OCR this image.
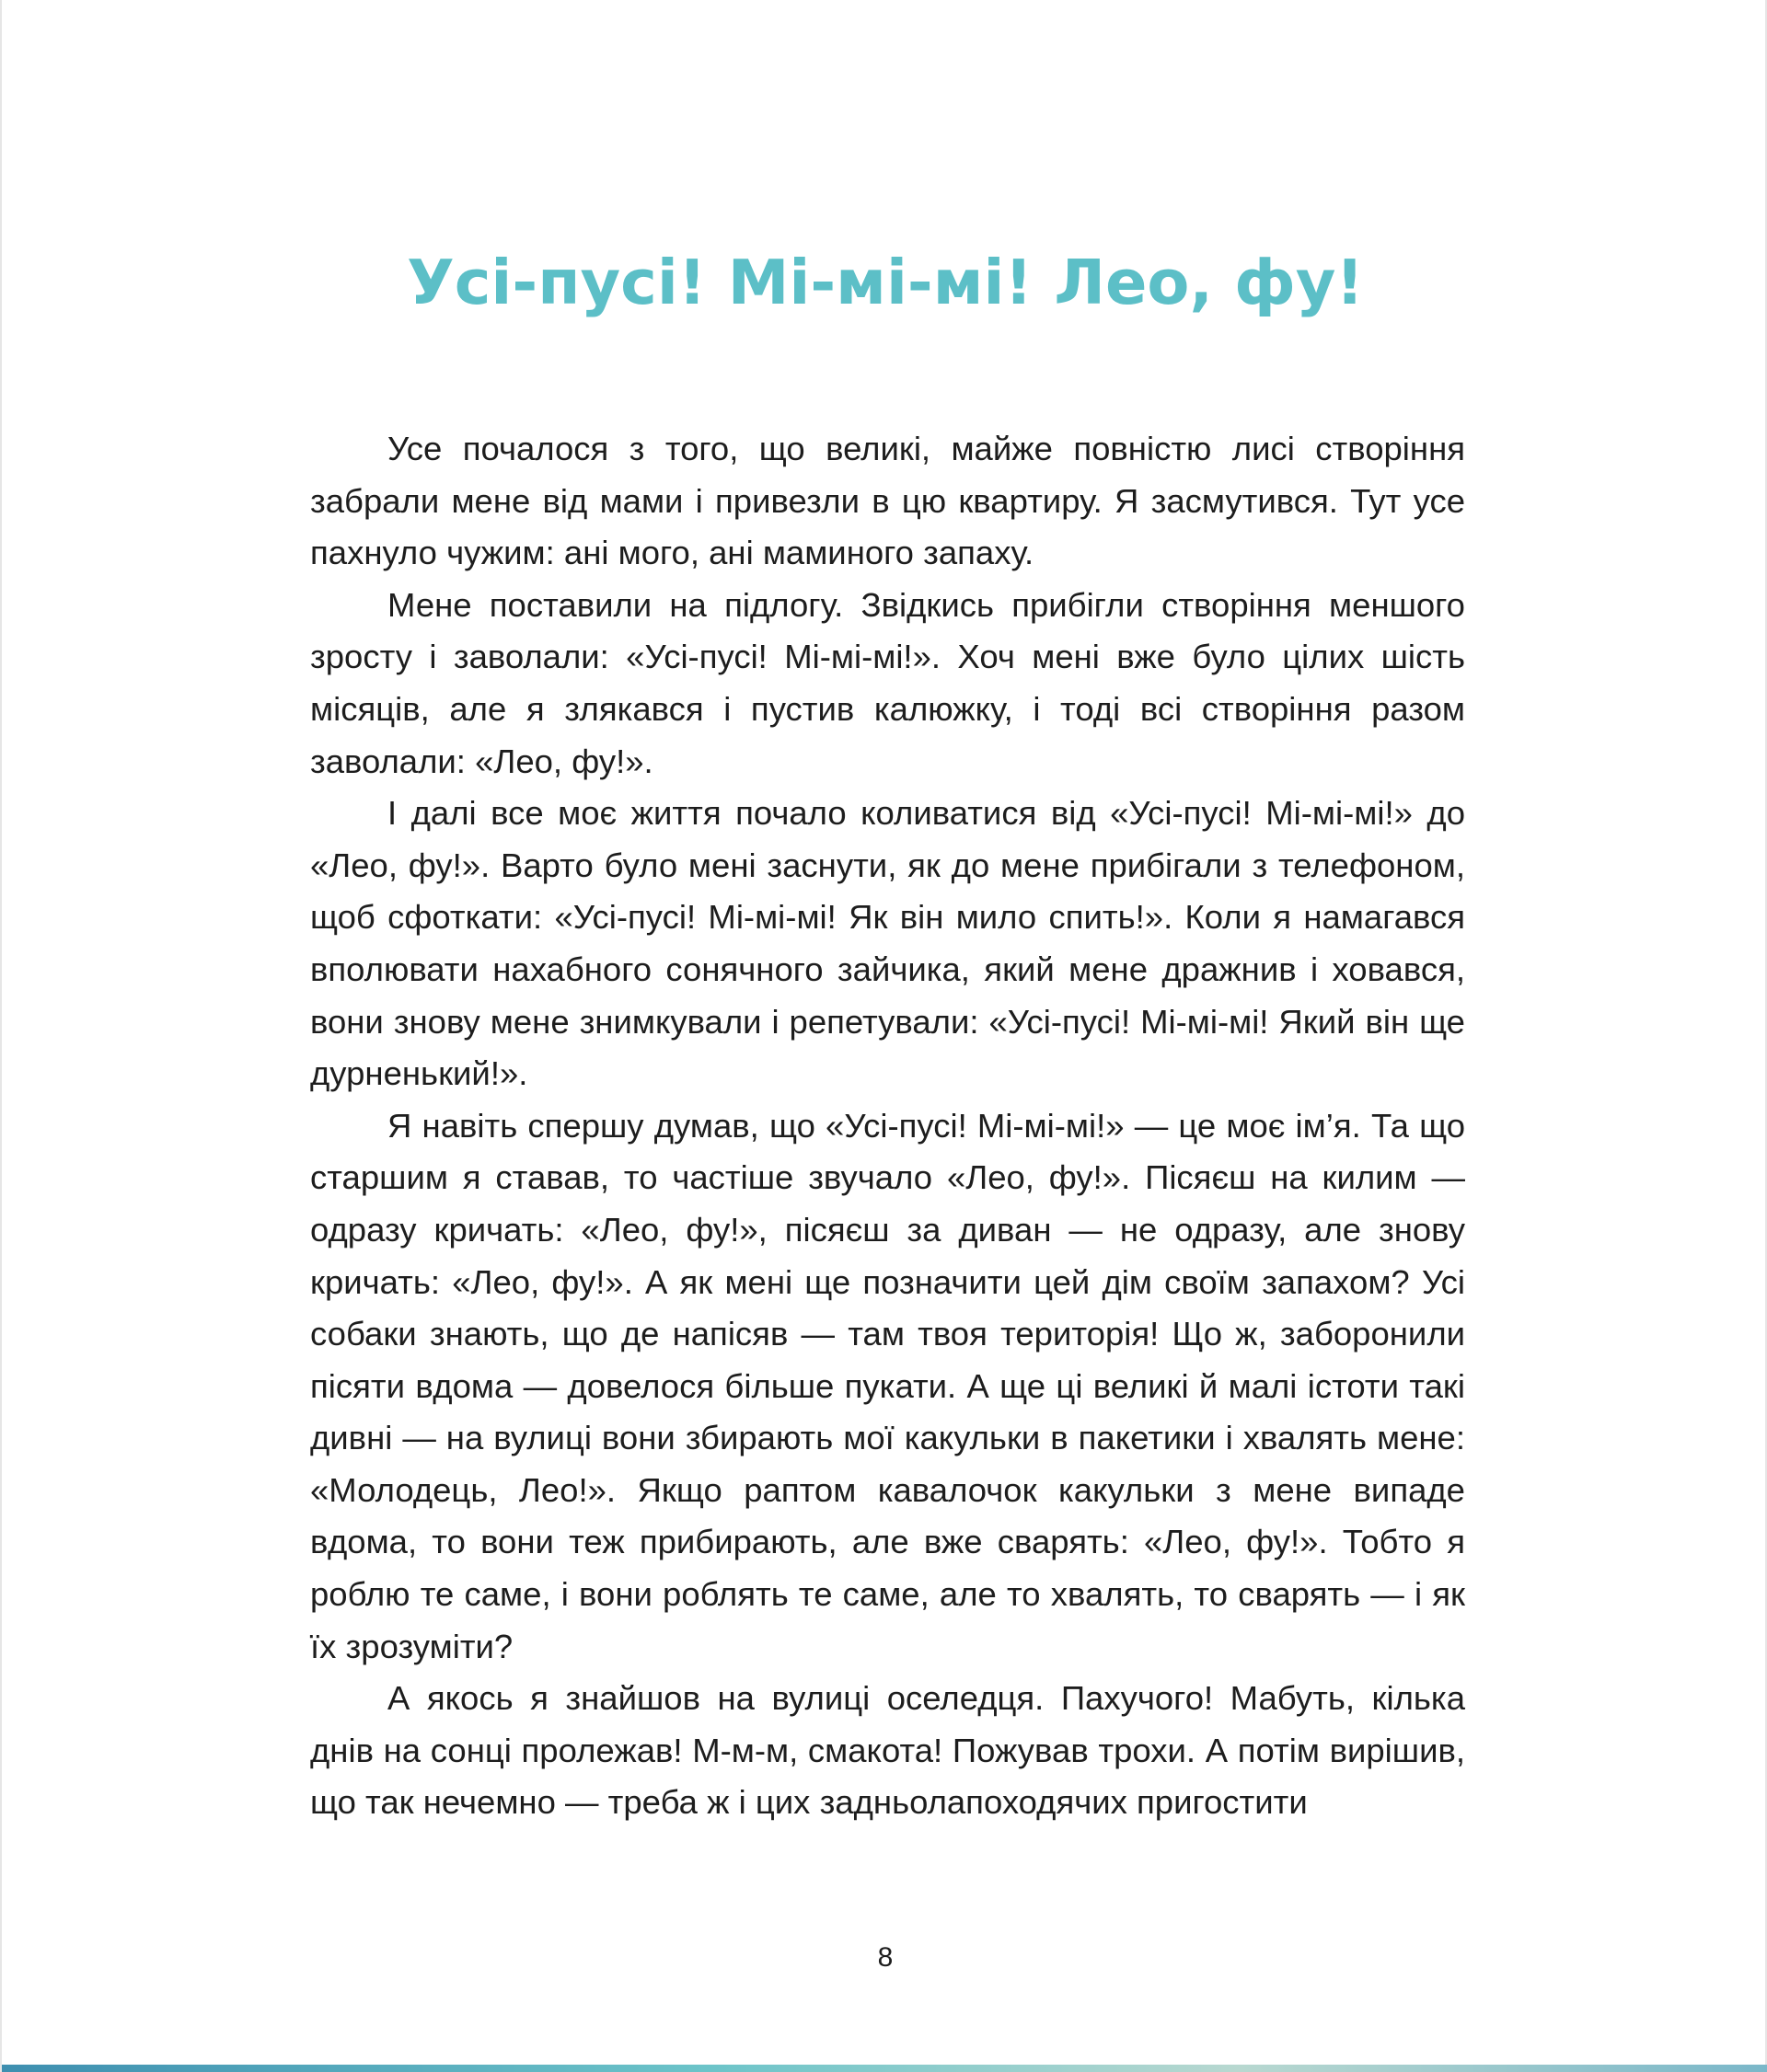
Усі-пусі! Мі-мі-мі! Лео, фу!

Усе почалося з того, що великі, майже повністю лисі створіння забрали мене від мами і привезли в цю квартиру. Я засмутився. Тут усе пахнуло чужим: ані мого, ані маминого запаху.

Мене поставили на підлогу. Звідкись прибігли створіння меншого зросту і заволали: «Усі-пусі! Мі-мі-мі!». Хоч мені вже було цілих шість місяців, але я злякався і пустив калюжку, і тоді всі створіння разом заволали: «Лео, фу!».

І далі все моє життя почало коливатися від «Усі-пусі! Мі-мі-мі!» до «Лео, фу!». Варто було мені заснути, як до мене прибігали з телефоном, щоб сфоткати: «Усі-пусі! Мі-мі-мі! Як він мило спить!». Коли я намагався вполювати нахабного сонячного зайчика, який мене дражнив і ховався, вони знову мене знимкували і репетували: «Усі-пусі! Мі-мі-мі! Який він ще дурненький!».

Я навіть спершу думав, що «Усі-пусі! Мі-мі-мі!» — це моє ім’я. Та що старшим я ставав, то частіше звучало «Лео, фу!». Пісяєш на килим — одразу кричать: «Лео, фу!», пісяєш за диван — не одразу, але знову кричать: «Лео, фу!». А як мені ще позначити цей дім своїм запахом? Усі собаки знають, що де напісяв — там твоя територія! Що ж, заборонили пісяти вдома — довелося більше пукати. А ще ці великі й малі істоти такі дивні — на вулиці вони збирають мої какульки в пакетики і хвалять мене: «Молодець, Лео!». Якщо раптом кавалочок какульки з мене випаде вдома, то вони теж прибирають, але вже сварять: «Лео, фу!». Тобто я роблю те саме, і вони роблять те саме, але то хвалять, то сварять — і як їх зрозуміти?

А якось я знайшов на вулиці оселедця. Пахучого! Мабуть, кілька днів на сонці пролежав! М-м-м, смакота! Пожував трохи. А потім вирішив, що так нечемно — треба ж і цих задньолапоходячих пригостити

8
